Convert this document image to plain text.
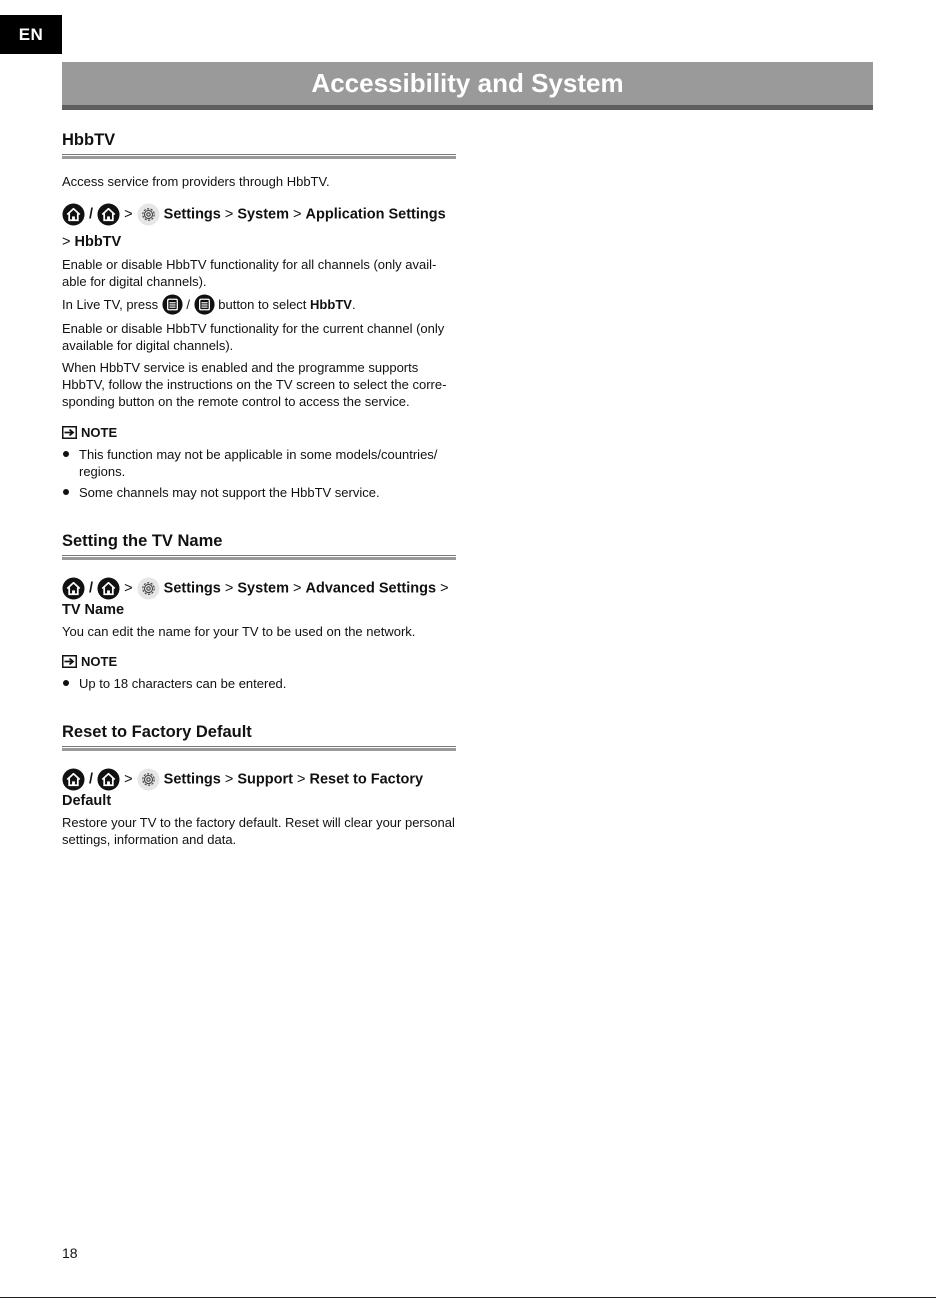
EN
Accessibility and System
HbbTV

Access service from providers through HbbTV.

/ > Settings > System > Application Settings
> HbbTV

Enable or disable HbbTV functionality for all channels (only avail-able for digital channels).

In Live TV, press / button to select HbbTV.

Enable or disable HbbTV functionality for the current channel (only available for digital channels).

When HbbTV service is enabled and the programme supports HbbTV, follow the instructions on the TV screen to select the corre-sponding button on the remote control to access the service.

NOTE
This function may not be applicable in some models/countries/ regions.
Some channels may not support the HbbTV service.
Setting the TV Name
/ > Settings > System > Advanced Settings >
TV Name

You can edit the name for your TV to be used on the network.

NOTE
Up to 18 characters can be entered.
Reset to Factory Default
/ > Settings > Support > Reset to Factory Default

Restore your TV to the factory default. Reset will clear your personal settings, information and data.

18
